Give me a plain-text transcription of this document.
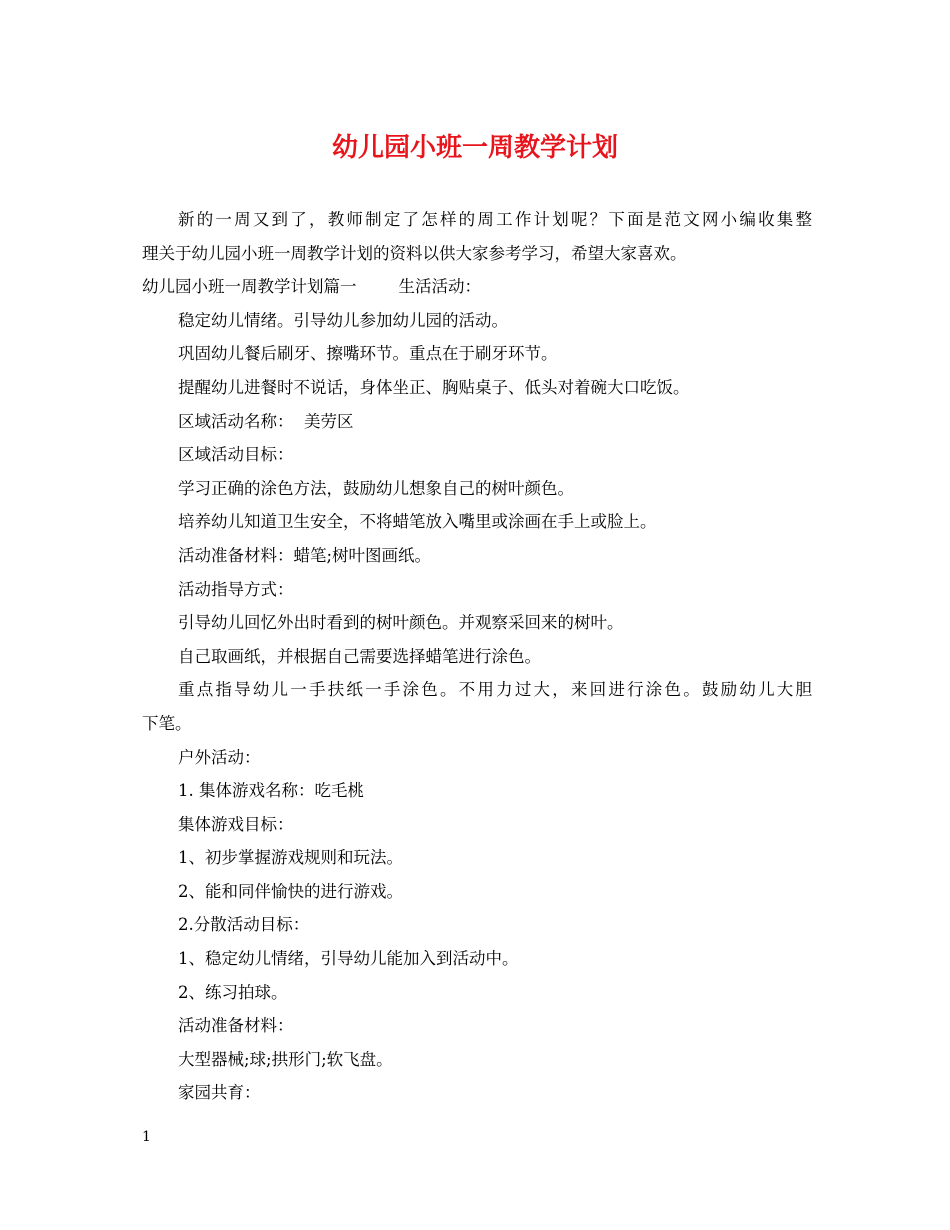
幼儿园小班一周教学计划

新的一周又到了，教师制定了怎样的周工作计划呢？下面是范文网小编收集整

理关于幼儿园小班一周教学计划的资料以供大家参考学习，希望大家喜欢。

幼儿园小班一周教学计划篇一	生活活动：

稳定幼儿情绪。引导幼儿参加幼儿园的活动。

巩固幼儿餐后刷牙、擦嘴环节。重点在于刷牙环节。

提醒幼儿进餐时不说话，身体坐正、胸贴桌子、低头对着碗大口吃饭。

区域活动名称：  美劳区

区域活动目标：

学习正确的涂色方法，鼓励幼儿想象自己的树叶颜色。

培养幼儿知道卫生安全，不将蜡笔放入嘴里或涂画在手上或脸上。

活动准备材料：蜡笔;树叶图画纸。

活动指导方式：

引导幼儿回忆外出时看到的树叶颜色。并观察采回来的树叶。

自己取画纸，并根据自己需要选择蜡笔进行涂色。

重点指导幼儿一手扶纸一手涂色。不用力过大，来回进行涂色。鼓励幼儿大胆

下笔。

户外活动：

1. 集体游戏名称：吃毛桃

集体游戏目标：

1、初步掌握游戏规则和玩法。

2、能和同伴愉快的进行游戏。

2.分散活动目标：

1、稳定幼儿情绪，引导幼儿能加入到活动中。

2、练习拍球。

活动准备材料：

大型器械;球;拱形门;软飞盘。

家园共育：

1
